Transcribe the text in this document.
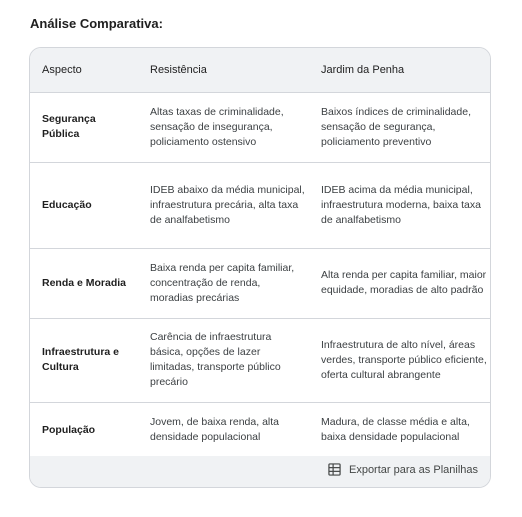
Análise Comparativa:
Aspecto	Resistência	Jardim da Penha
Segurança Pública	Altas taxas de criminalidade, sensação de insegurança, policiamento ostensivo	Baixos índices de criminalidade, sensação de segurança, policiamento preventivo
Educação	IDEB abaixo da média municipal, infraestrutura precária, alta taxa de analfabetismo	IDEB acima da média municipal, infraestrutura moderna, baixa taxa de analfabetismo
Renda e Moradia	Baixa renda per capita familiar, concentração de renda, moradias precárias	Alta renda per capita familiar, maior equidade, moradias de alto padrão
Infraestrutura e Cultura	Carência de infraestrutura básica, opções de lazer limitadas, transporte público precário	Infraestrutura de alto nível, áreas verdes, transporte público eficiente, oferta cultural abrangente
População	Jovem, de baixa renda, alta densidade populacional	Madura, de classe média e alta, baixa densidade populacional
Exportar para as Planilhas
